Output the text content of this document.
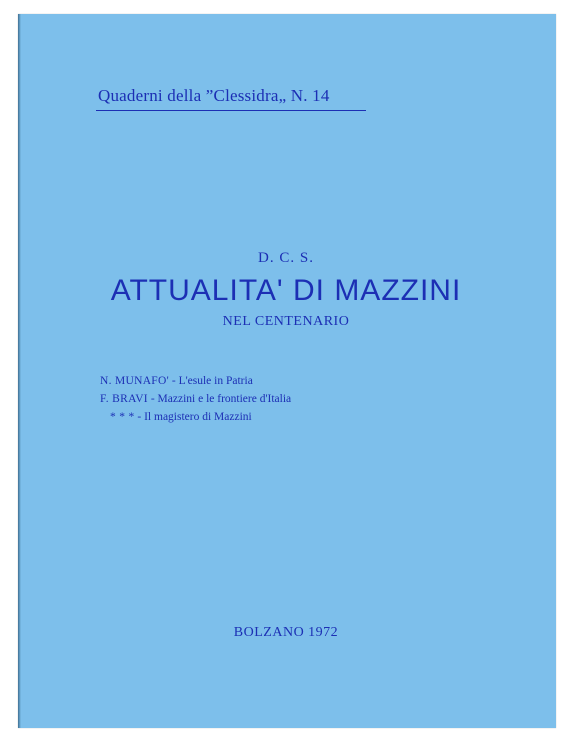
Quaderni della ”Clessidra„ N. 14
D. C. S.
ATTUALITA' DI MAZZINI
NEL CENTENARIO
N. MUNAFO' - L'esule in Patria
F. BRAVI - Mazzini e le frontiere d'Italia
* * * - Il magistero di Mazzini
BOLZANO 1972
